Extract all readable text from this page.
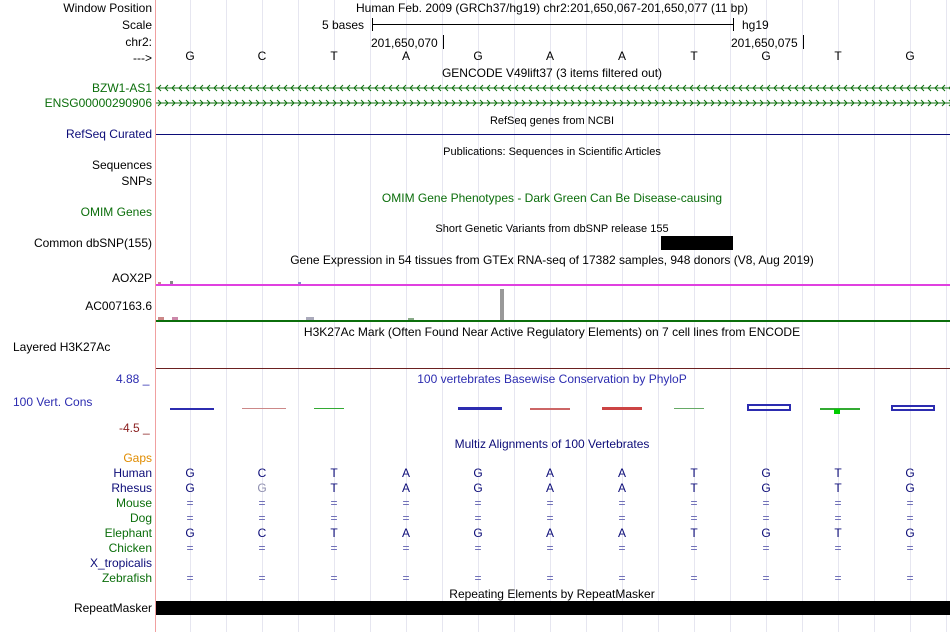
Window Position
Scale
chr2:
--->
Human Feb. 2009 (GRCh37/hg19) chr2:201,650,067-201,650,077 (11 bp)
5 bases	hg19
201,650,070	201,650,075
G	C	T	A	G	A	A	T	G	T	G
GENCODE V49lift37 (3 items filtered out)
BZW1-AS1
ENSG00000290906
RefSeq genes from NCBI
RefSeq Curated
Publications: Sequences in Scientific Articles
Sequences
SNPs
OMIM Gene Phenotypes - Dark Green Can Be Disease-causing
OMIM Genes
Short Genetic Variants from dbSNP release 155
Common dbSNP(155)
Gene Expression in 54 tissues from GTEx RNA-seq of 17382 samples, 948 donors (V8, Aug 2019)
AOX2P
AC007163.6
H3K27Ac Mark (Often Found Near Active Regulatory Elements) on 7 cell lines from ENCODE
Layered H3K27Ac
100 vertebrates Basewise Conservation by PhyloP
4.88 _
100 Vert. Cons
-4.5 _
Multiz Alignments of 100 Vertebrates
Gaps
Human	G	C	T	A	G	A	A	T	G	T	G
Rhesus	G	G	T	A	G	A	A	T	G	T	G
Mouse	=	=	=	=	=	=	=	=	=	=	=
Dog	=	=	=	=	=	=	=	=	=	=	=
Elephant	G	C	T	A	G	A	A	T	G	T	G
Chicken	=	=	=	=	=	=	=	=	=	=	=
X_tropicalis
Zebrafish	=	=	=	=	=	=	=	=	=	=	=
Repeating Elements by RepeatMasker
RepeatMasker
